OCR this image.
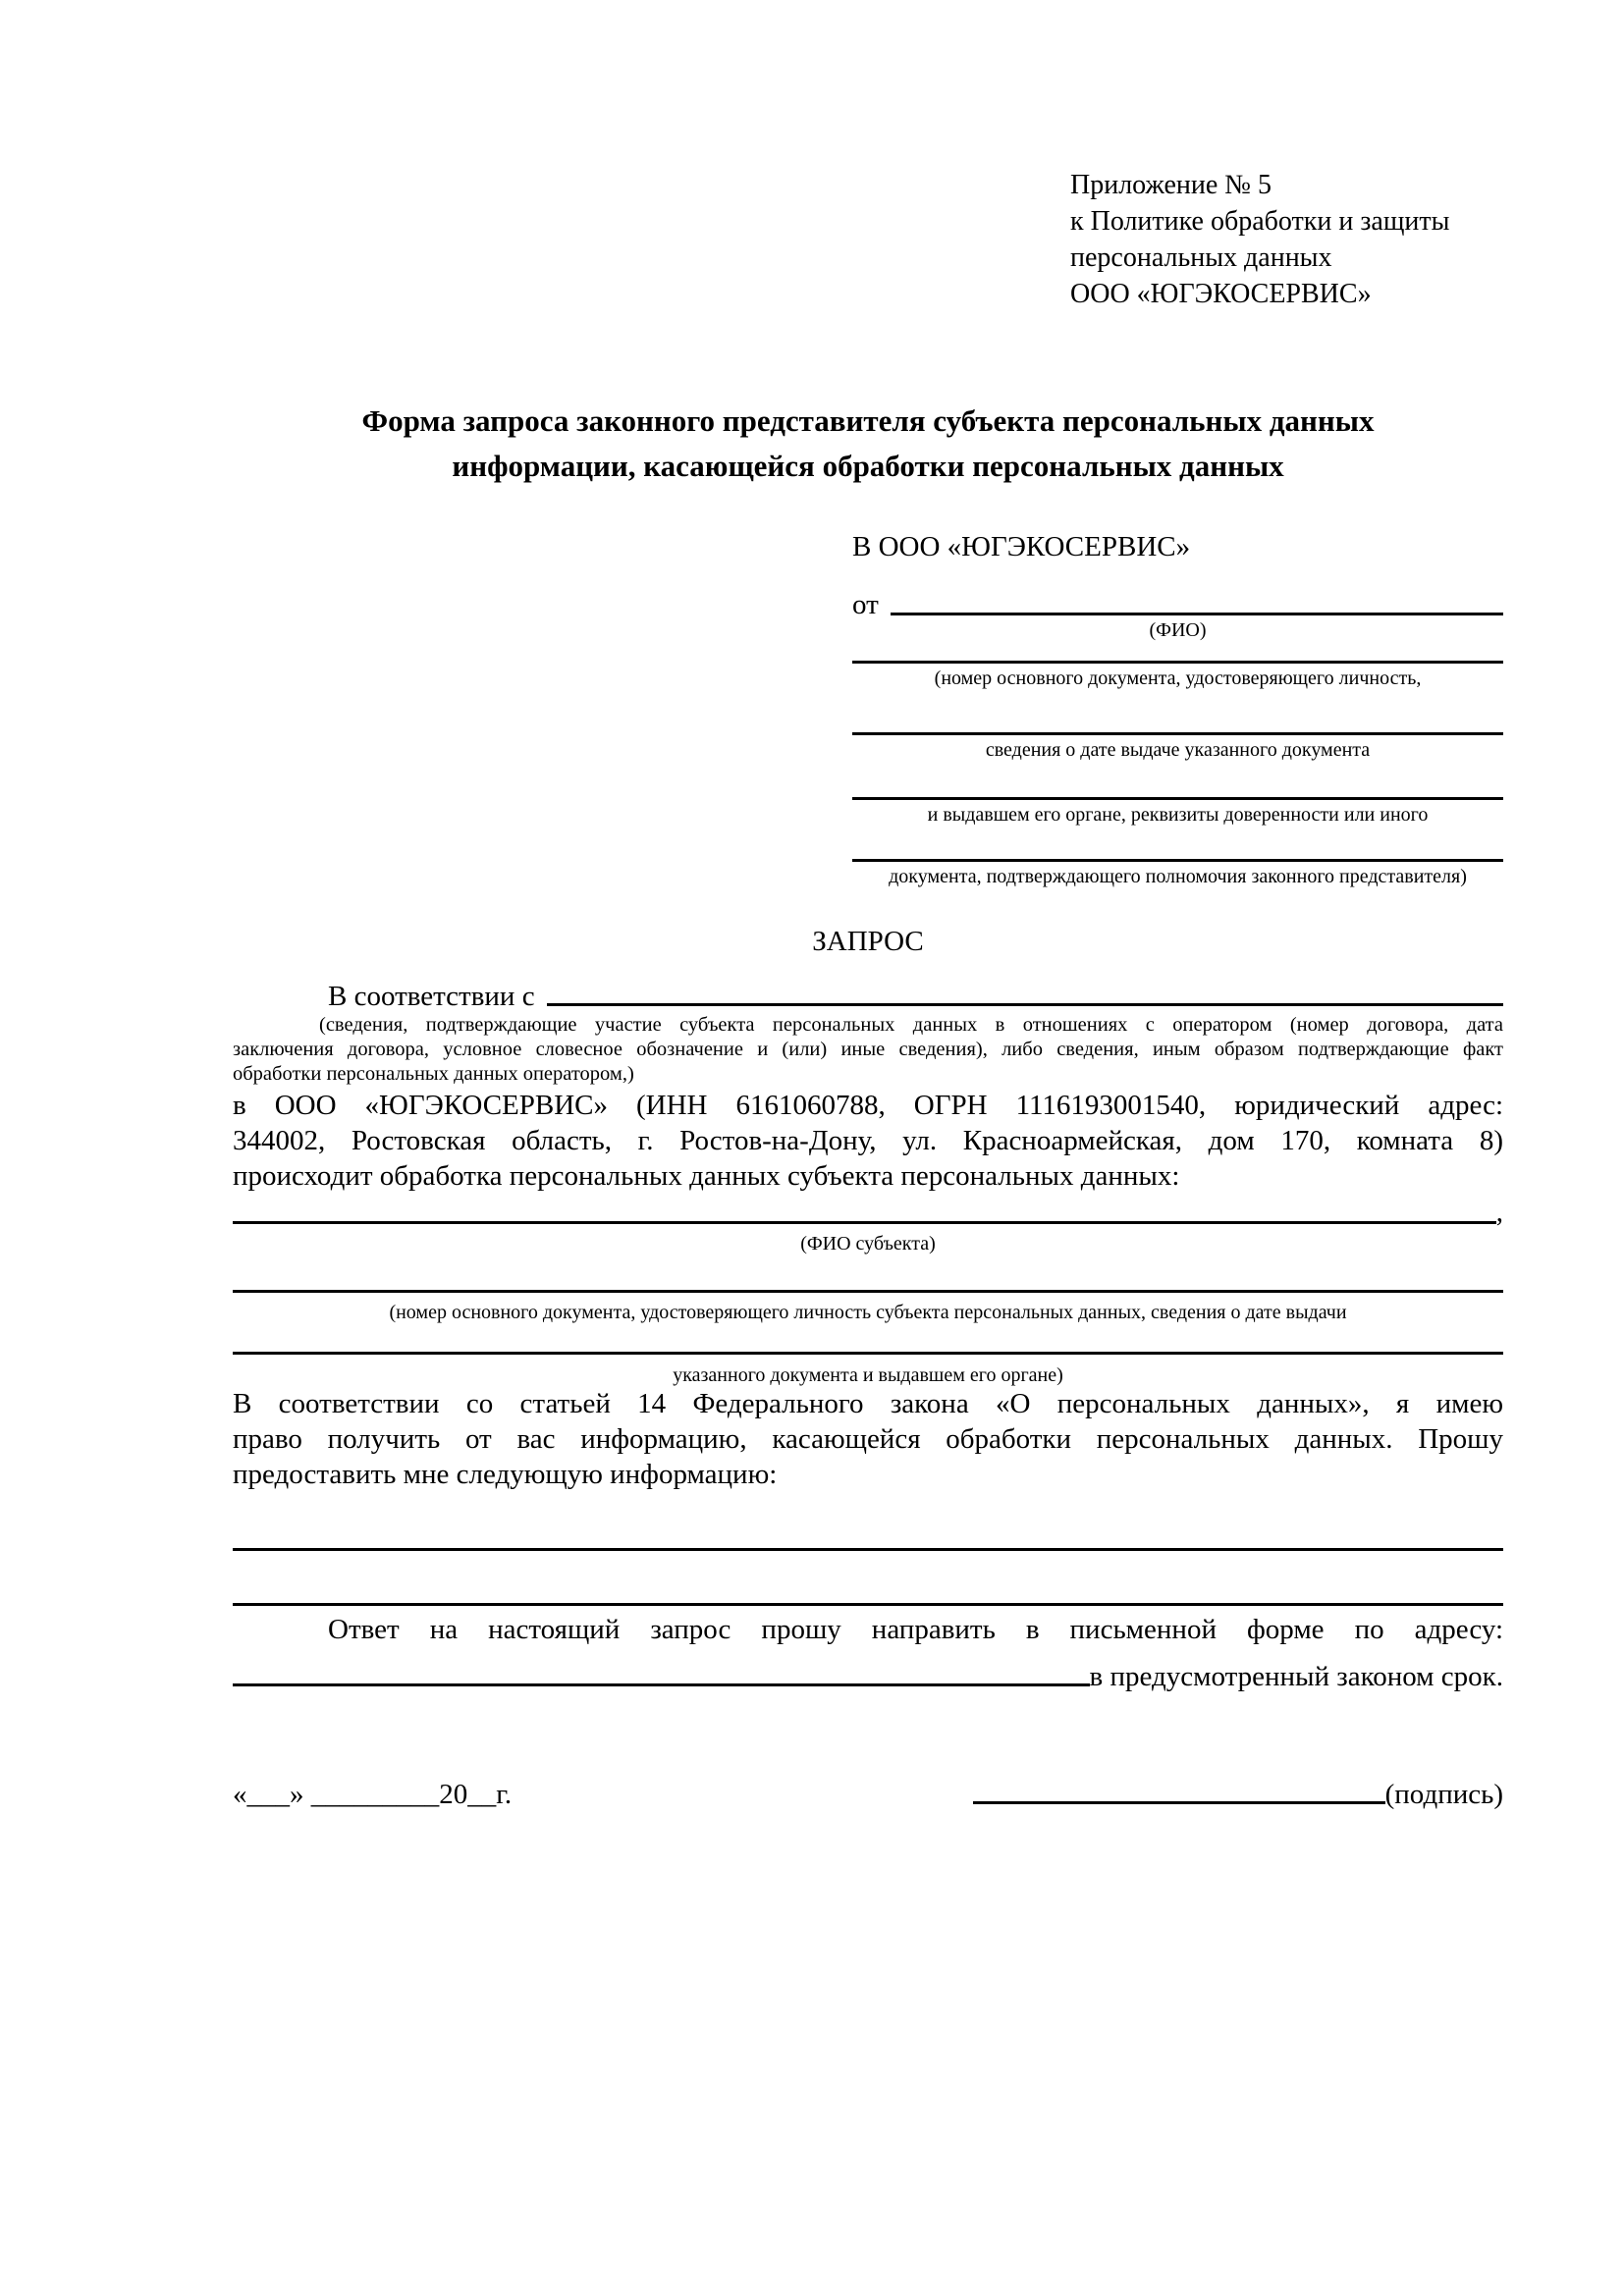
Приложение № 5
к Политике обработки и защиты
персональных данных
ООО «ЮГЭКОСЕРВИС»
Форма запроса законного представителя субъекта персональных данных
информации, касающейся обработки персональных данных
В ООО «ЮГЭКОСЕРВИС»
от
(ФИО)
(номер основного документа, удостоверяющего личность,
сведения о дате выдаче указанного документа
и выдавшем его органе, реквизиты доверенности или иного
документа, подтверждающего полномочия законного представителя)
ЗАПРОС
В соответствии с
(сведения, подтверждающие участие субъекта персональных данных в отношениях с оператором (номер договора, дата
заключения договора, условное словесное обозначение и (или) иные сведения), либо сведения, иным образом подтверждающие факт
обработки персональных данных оператором,)
в ООО «ЮГЭКОСЕРВИС» (ИНН 6161060788, ОГРН 1116193001540, юридический адрес:
344002, Ростовская область, г. Ростов-на-Дону, ул. Красноармейская, дом 170, комната 8)
происходит обработка персональных данных субъекта персональных данных:
,
(ФИО субъекта)
(номер основного документа, удостоверяющего личность субъекта персональных данных, сведения о дате выдачи
указанного документа и выдавшем его органе)
В соответствии со статьей 14 Федерального закона «О персональных данных», я имею
право получить от вас информацию, касающейся обработки персональных данных. Прошу
предоставить мне следующую информацию:
Ответ на настоящий запрос прошу направить в письменной форме по адресу:
в предусмотренный законом срок.
«___» _________20__г.	(подпись)
